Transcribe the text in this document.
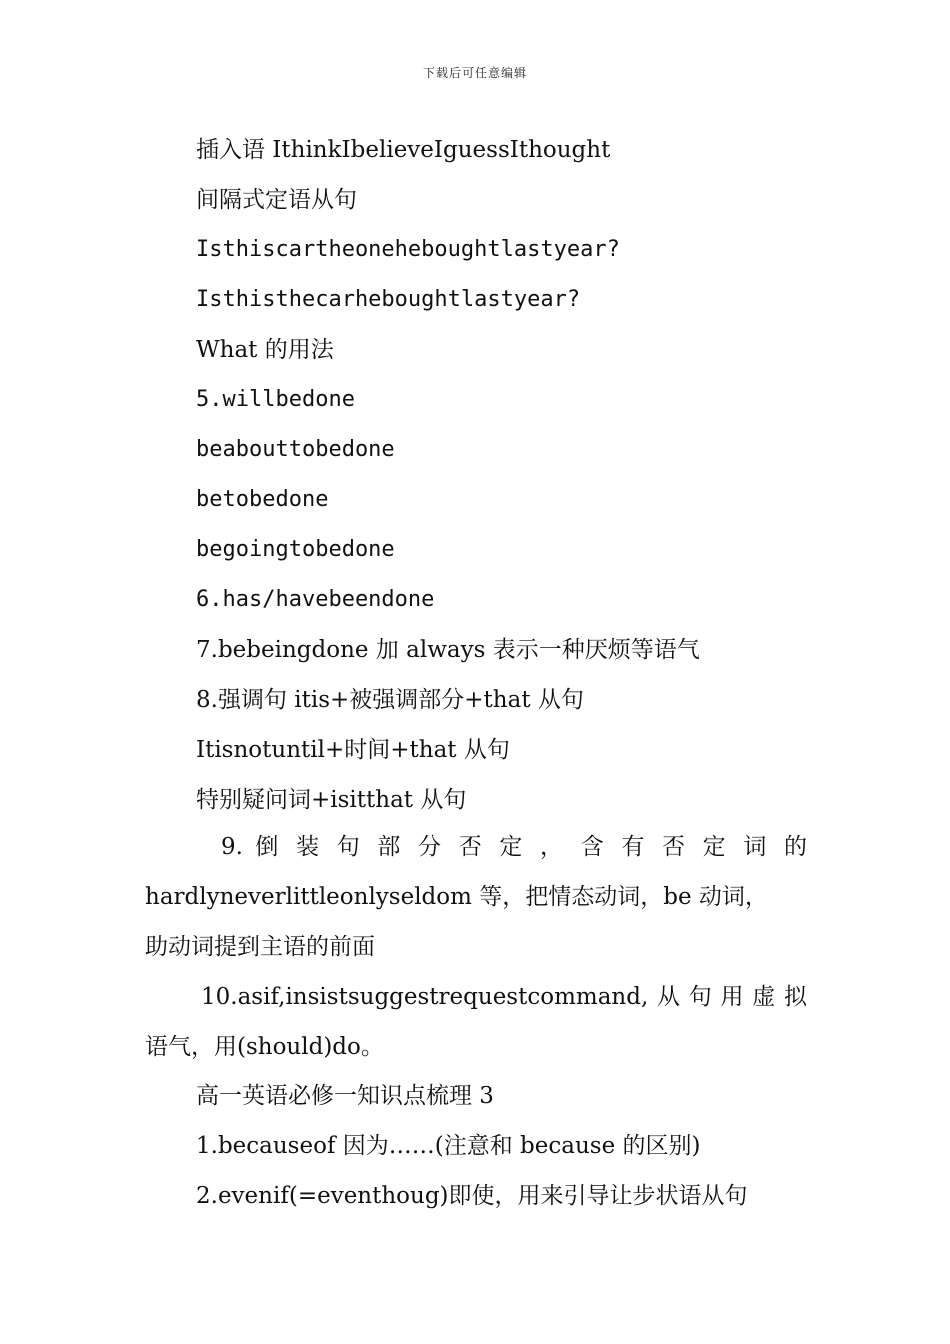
下载后可任意编辑
插入语 IthinkIbelieveIguessIthought
间隔式定语从句
Isthiscartheoneheboughtlastyear?
Isthisthecarheboughtlastyear?
What 的用法
5.willbedone
beabouttobedone
betobedone
begoingtobedone
6.has/havebeendone
7.bebeingdone 加 always 表示一种厌烦等语气
8.强调句 itis+被强调部分+that 从句
Itisnotuntil+时间+that 从句
特别疑问词+isitthat 从句
9. 倒 装 句 部 分 否 定 ， 含 有 否 定 词 的
hardlyneverlittleonlyseldom 等，把情态动词，be 动词，
助动词提到主语的前面
10.asif,insistsuggestrequestcommand,从句用虚拟
语气，用(should)do。
高一英语必修一知识点梳理 3
1.becauseof 因为……(注意和 because 的区别)
2.evenif(=eventhoug)即使，用来引导让步状语从句
